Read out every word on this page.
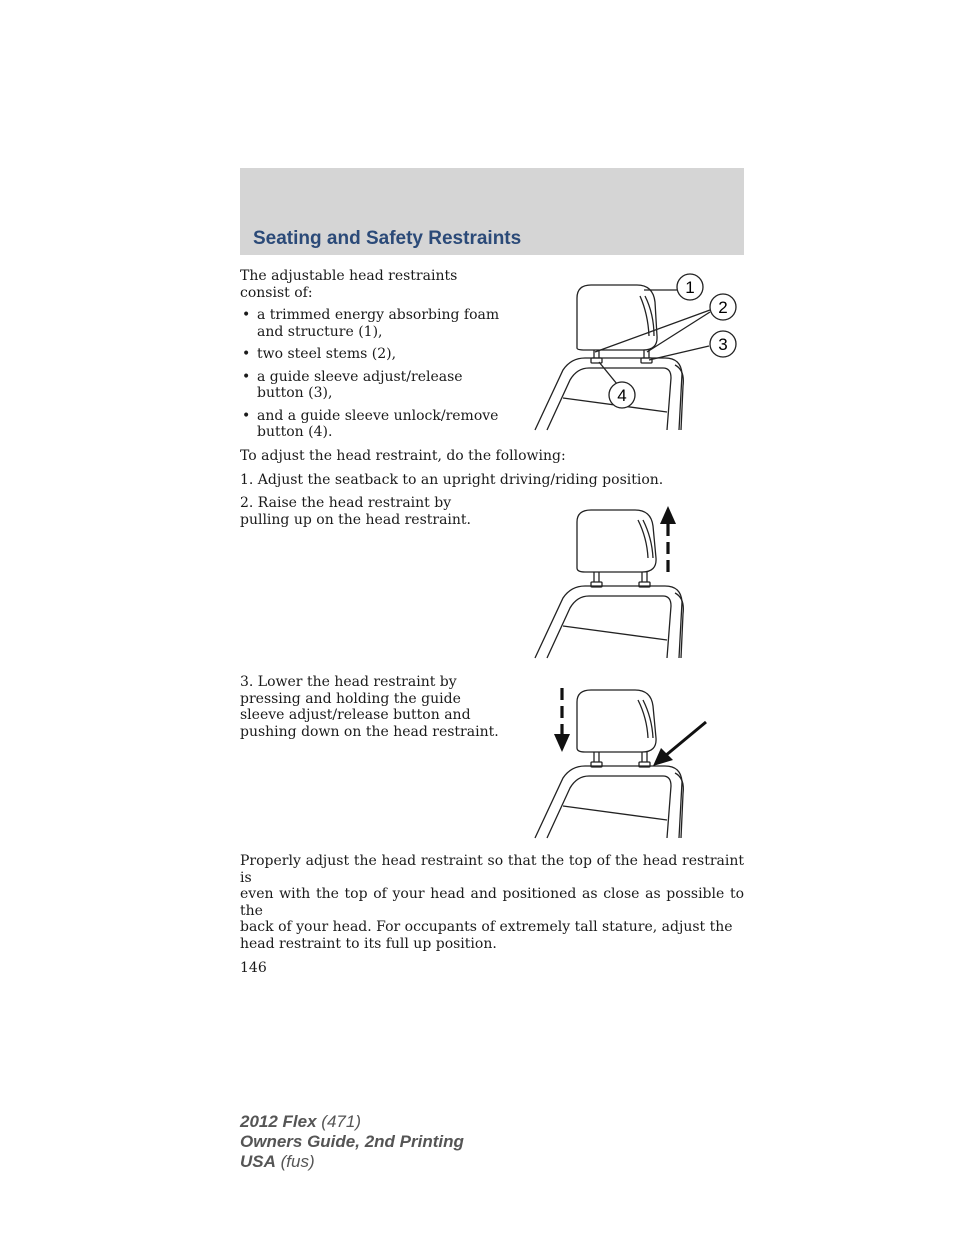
Seating and Safety Restraints
The adjustable head restraints
consist of:
• a trimmed energy absorbing foam
and structure (1),
• two steel stems (2),
• a guide sleeve adjust/release
button (3),
• and a guide sleeve unlock/remove
button (4).
1
2
3
4
To adjust the head restraint, do the following:
1. Adjust the seatback to an upright driving/riding position.
2. Raise the head restraint by
pulling up on the head restraint.
3. Lower the head restraint by
pressing and holding the guide
sleeve adjust/release button and
pushing down on the head restraint.
Properly adjust the head restraint so that the top of the head restraint is
even with the top of your head and positioned as close as possible to the
back of your head. For occupants of extremely tall stature, adjust the
head restraint to its full up position.
146
2012 Flex (471)
Owners Guide, 2nd Printing
USA (fus)
